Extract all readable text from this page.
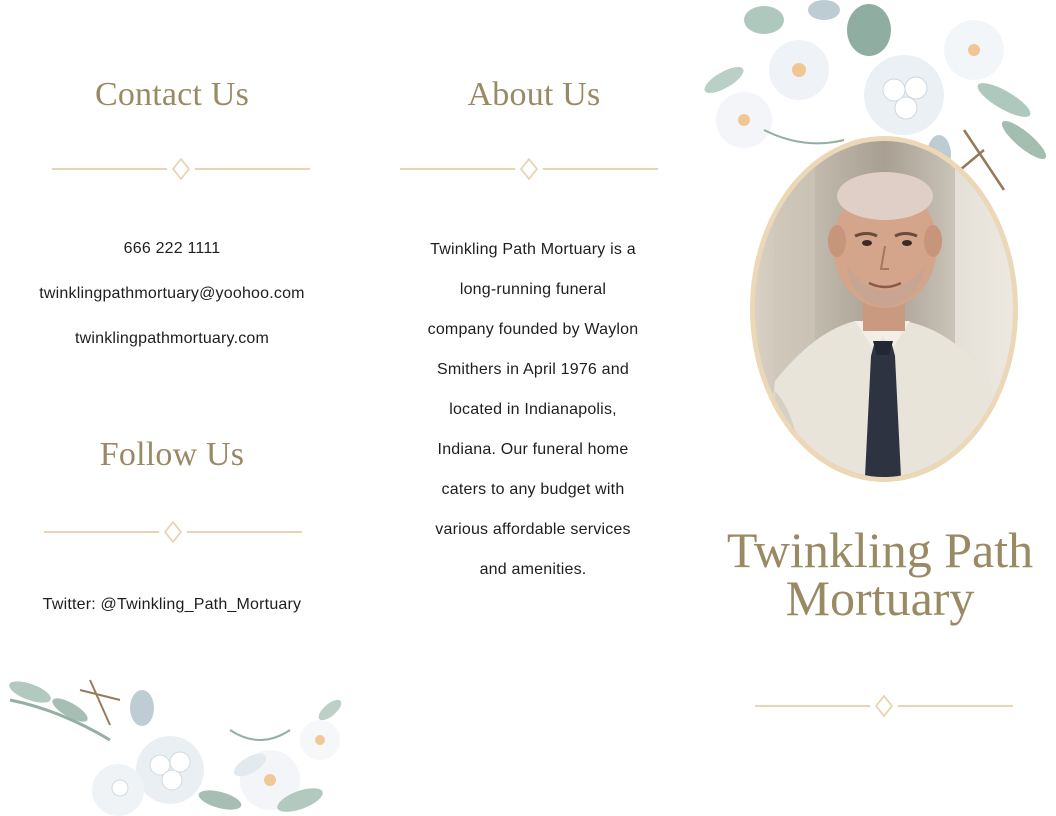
Contact Us
666 222 1111
twinklingpathmortuary@yoohoo.com
twinklingpathmortuary.com
Follow Us
Twitter: @Twinkling_Path_Mortuary
About Us
Twinkling Path Mortuary is a
long-running funeral
company founded by Waylon
Smithers in April 1976 and
located in Indianapolis,
Indiana. Our funeral home
caters to any budget with
various affordable services
and amenities.	Twinkling Path
Mortuary
